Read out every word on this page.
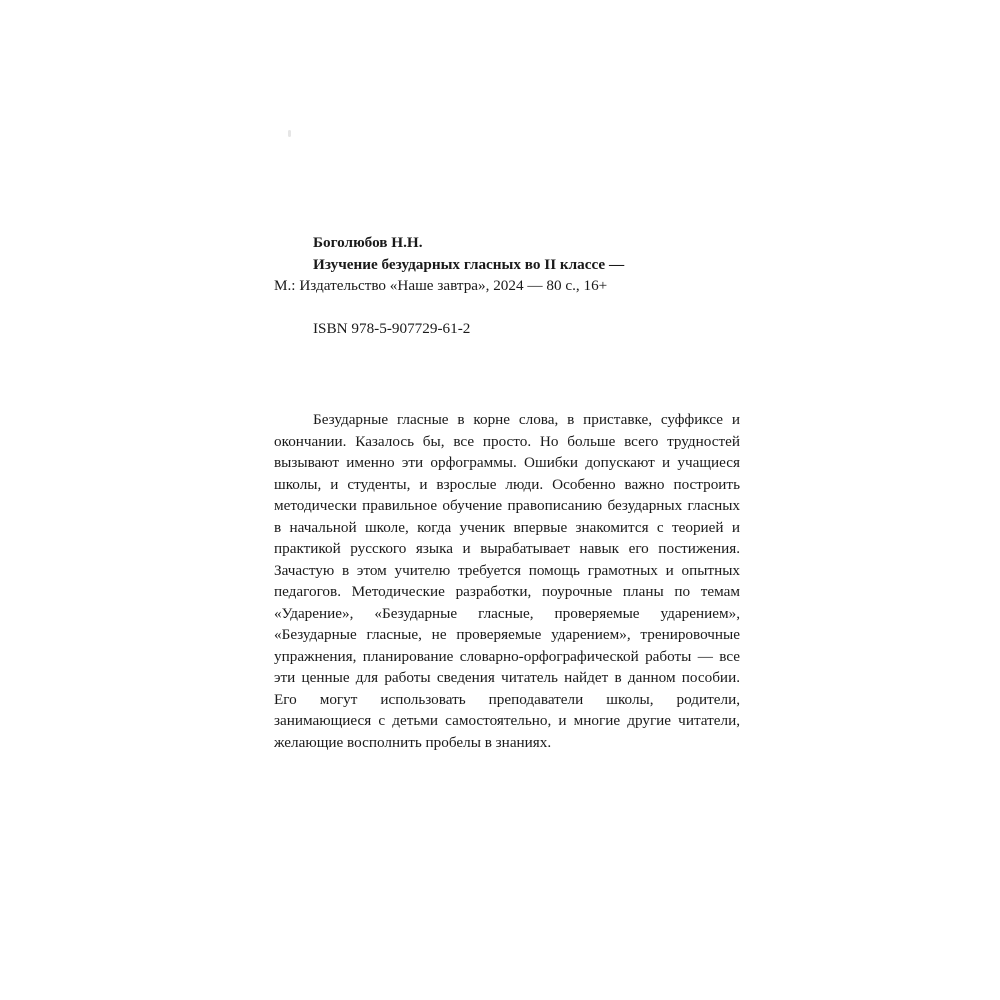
Боголюбов Н.Н.
Изучение безударных гласных во II классе —
М.: Издательство «Наше завтра», 2024 — 80 с., 16+
ISBN 978-5-907729-61-2
Безударные гласные в корне слова, в приставке, суффиксе и окончании. Казалось бы, все просто. Но больше всего трудностей вызывают именно эти орфограммы. Ошибки допускают и учащиеся школы, и студенты, и взрослые люди. Особенно важно построить методически правильное обучение правописанию безударных гласных в начальной школе, когда ученик впервые знакомится с теорией и практикой русского языка и вырабатывает навык его постижения. Зачастую в этом учителю требуется помощь грамотных и опытных педагогов. Методические разработки, поурочные планы по темам «Ударение», «Безударные гласные, проверяемые ударением», «Безударные гласные, не проверяемые ударением», тренировочные упражнения, планирование словарно-орфографической работы — все эти ценные для работы сведения читатель найдет в данном пособии. Его могут использовать преподаватели школы, родители, занимающиеся с детьми самостоятельно, и многие другие читатели, желающие восполнить пробелы в знаниях.
